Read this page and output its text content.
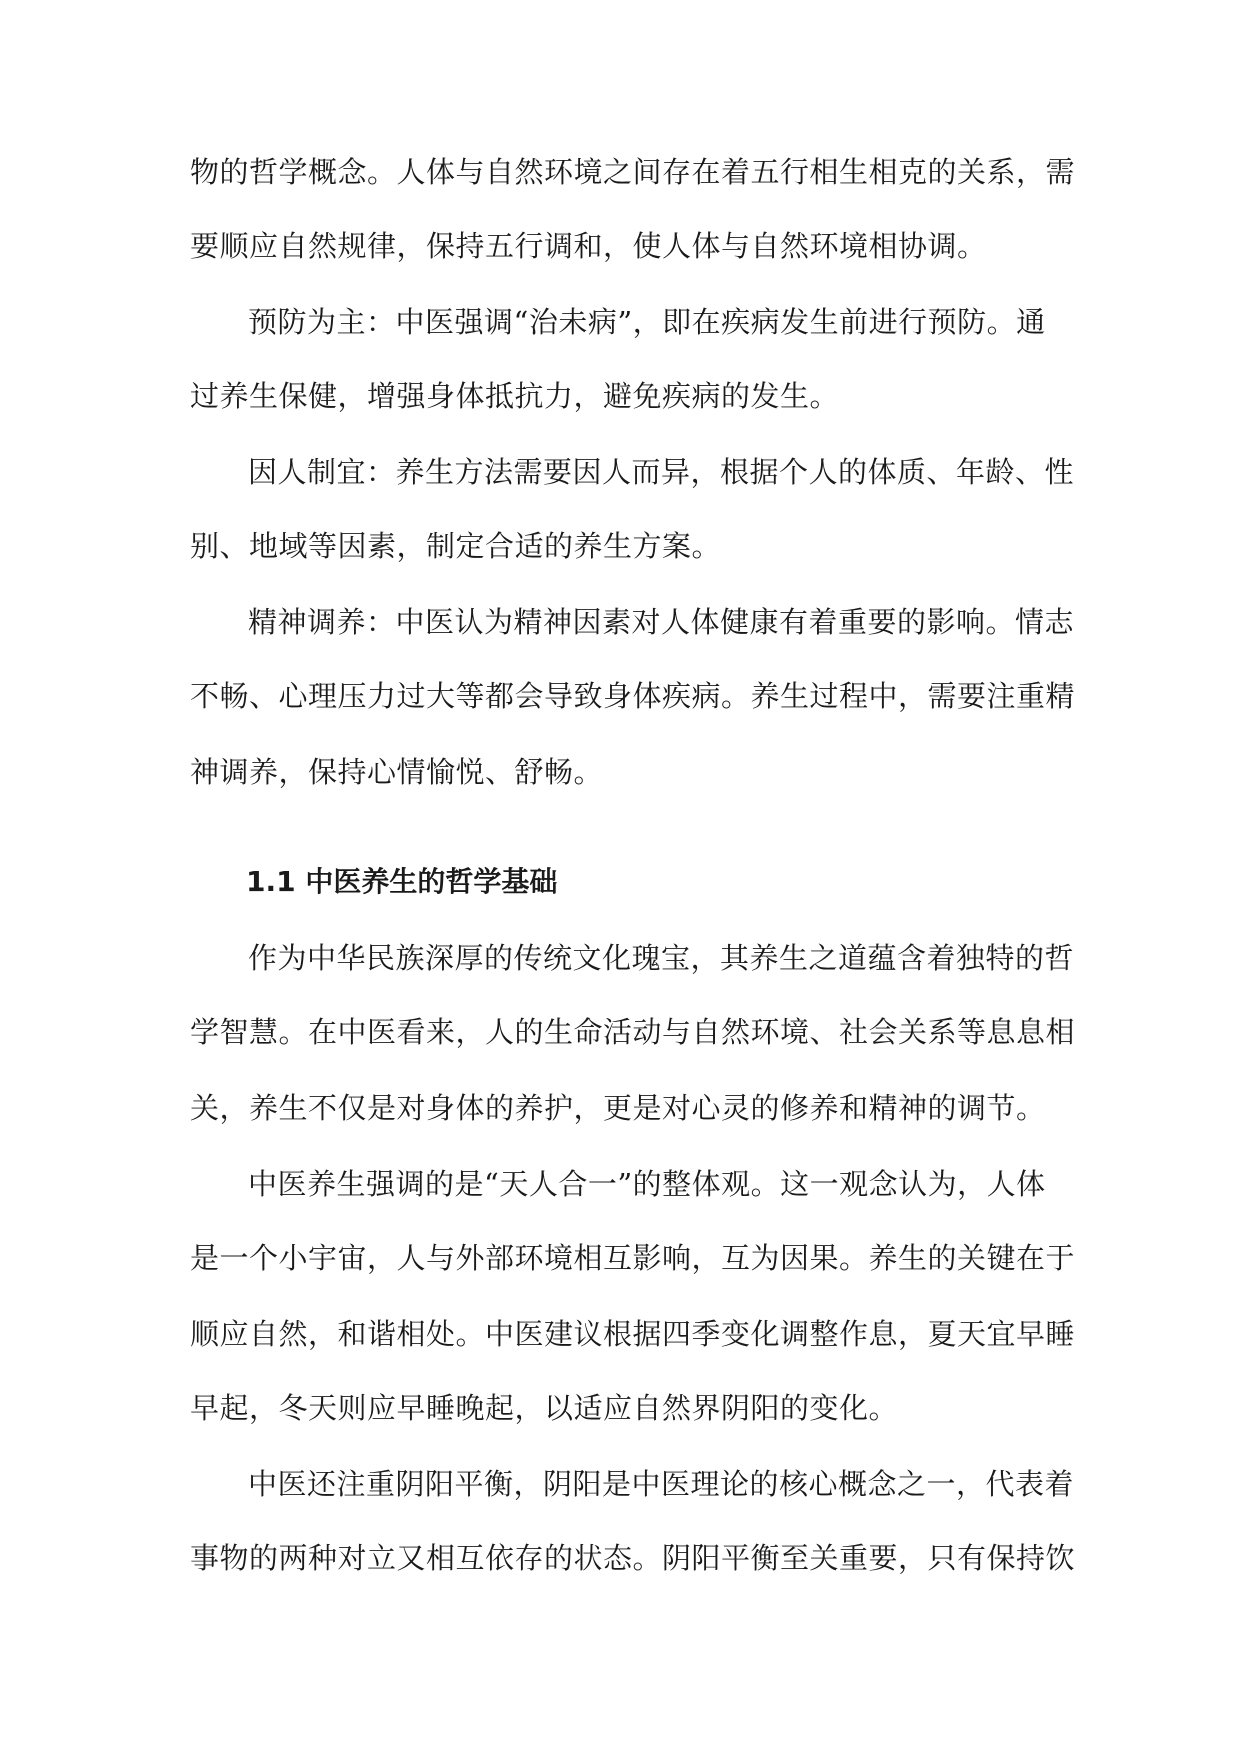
物的哲学概念。人体与自然环境之间存在着五行相生相克的关系，需

要顺应自然规律，保持五行调和，使人体与自然环境相协调。

预防为主：中医强调“治未病”，即在疾病发生前进行预防。通

过养生保健，增强身体抵抗力，避免疾病的发生。

因人制宜：养生方法需要因人而异，根据个人的体质、年龄、性

别、地域等因素，制定合适的养生方案。

精神调养：中医认为精神因素对人体健康有着重要的影响。情志

不畅、心理压力过大等都会导致身体疾病。养生过程中，需要注重精

神调养，保持心情愉悦、舒畅。

1.1 中医养生的哲学基础

作为中华民族深厚的传统文化瑰宝，其养生之道蕴含着独特的哲

学智慧。在中医看来，人的生命活动与自然环境、社会关系等息息相

关，养生不仅是对身体的养护，更是对心灵的修养和精神的调节。

中医养生强调的是“天人合一”的整体观。这一观念认为，人体

是一个小宇宙，人与外部环境相互影响，互为因果。养生的关键在于

顺应自然，和谐相处。中医建议根据四季变化调整作息，夏天宜早睡

早起，冬天则应早睡晚起，以适应自然界阴阳的变化。

中医还注重阴阳平衡，阴阳是中医理论的核心概念之一，代表着

事物的两种对立又相互依存的状态。阴阳平衡至关重要，只有保持饮
